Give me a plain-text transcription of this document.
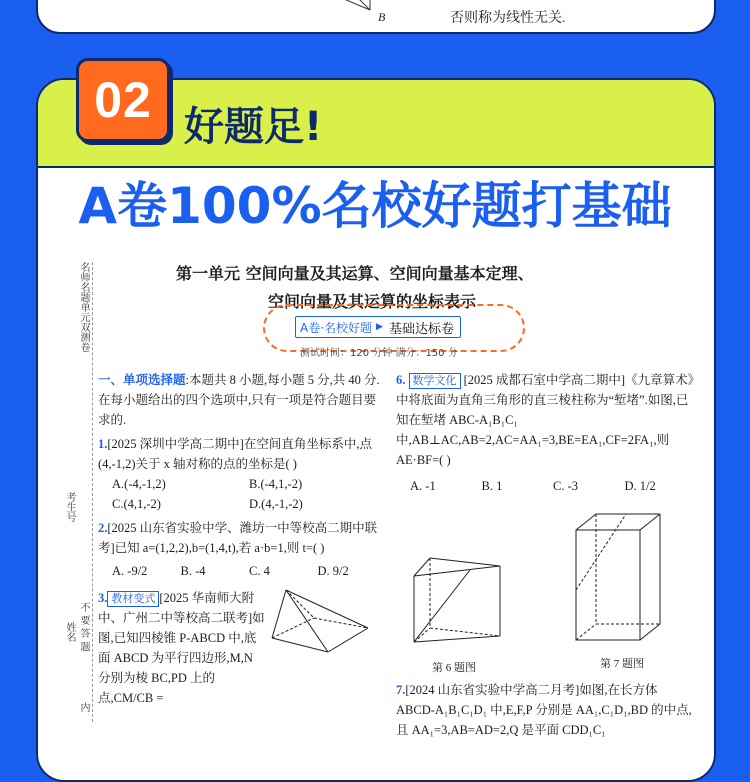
B	否则称为线性无关.
02 好题足!
A卷100%名校好题打基础
名师名题单元双测卷
考生号
姓名 不 要 答 题
内
第一单元 空间向量及其运算、空间向量基本定理、
空间向量及其运算的坐标表示
A卷·名校好题 ▶ 基础达标卷
测试时间：120 分钟 满分：150 分

一、单项选择题:本题共 8 小题,每小题 5 分,共 40 分.在每小题给出的四个选项中,只有一项是符合题目要求的.

1.[2025 深圳中学高二期中]在空间直角坐标系中,点(4,-1,2)关于 x 轴对称的点的坐标是( )

A.(-4,-1,2)	B.(-4,1,-2)
C.(4,1,-2)	D.(4,-1,-2)

2.[2025 山东省实验中学、潍坊一中等校高二期中联考]已知 a=(1,2,2),b=(1,4,t),若 a·b=1,则 t=( )

A. -9/2	B. -4	C. 4	D. 9/2

3. 教材变式 [2025 华南师大附中、广州二中等校高二联考]如图,已知四棱锥 P-ABCD 中,底面 ABCD 为平行四边形,M,N 分别为棱 BC,PD 上的点,CM/CB =

6. 数学文化 [2025 成都石室中学高二期中]《九章算术》中将底面为直角三角形的直三棱柱称为“堑堵”.如图,已知在堑堵 ABC-A₁B₁C₁ 中,AB⊥AC,AB=2,AC=AA₁=3,BE=EA₁,CF=2FA₁,则AE·BF=( )

A. -1	B. 1	C. -3	D. 1/2
第 6 题图	第 7 题图

7.[2024 山东省实验中学高二月考]如图,在长方体 ABCD-A₁B₁C₁D₁ 中,E,F,P 分别是 AA₁,C₁D₁,BD 的中点,且 AA₁=3,AB=AD=2,Q 是平面 CDD₁C₁
